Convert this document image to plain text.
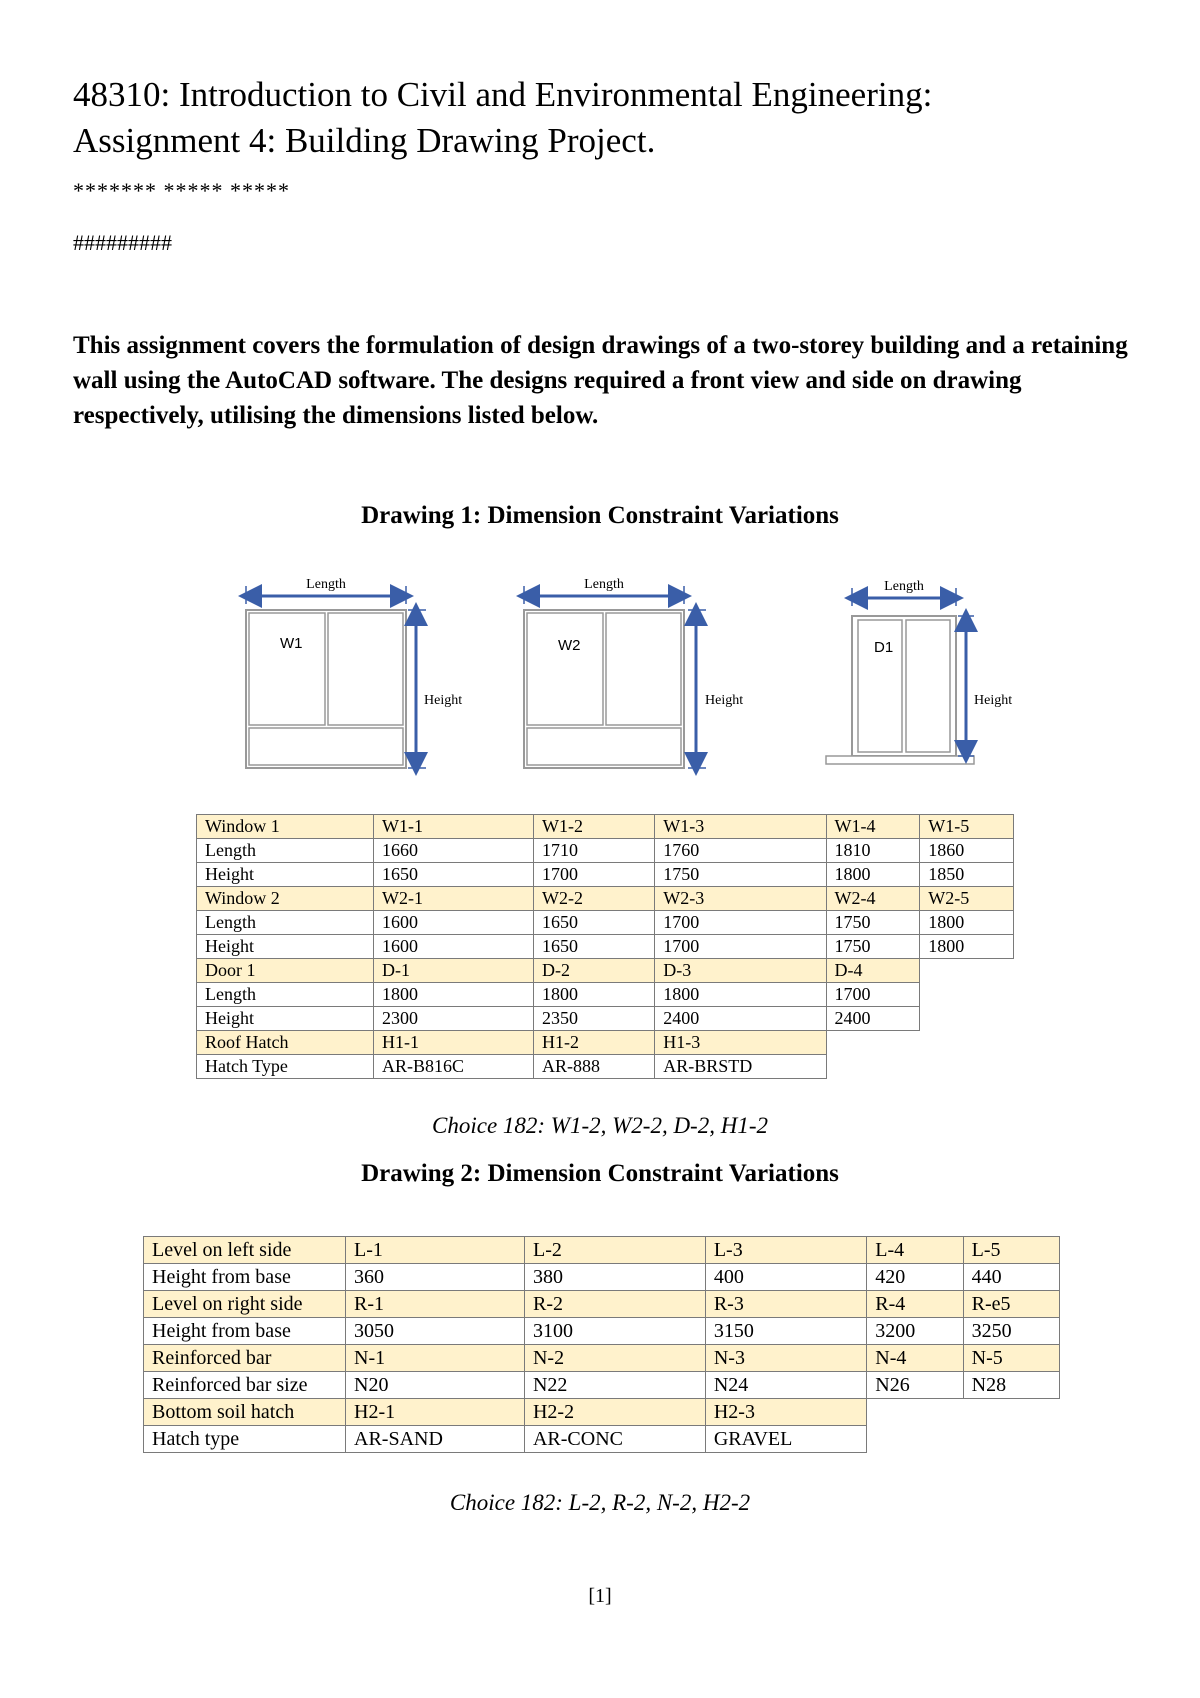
48310: Introduction to Civil and Environmental Engineering:
Assignment 4: Building Drawing Project.
******* ***** *****
#########
This assignment covers the formulation of design drawings of a two-storey building and a retaining wall using the AutoCAD software. The designs required a front view and side on drawing respectively, utilising the dimensions listed below.
Drawing 1: Dimension Constraint Variations
Length
W1
Height
Length
W2
Height
Length
D1
Height
Window 1	W1-1	W1-2	W1-3	W1-4	W1-5
Length	1660	1710	1760	1810	1860
Height	1650	1700	1750	1800	1850
Window 2	W2-1	W2-2	W2-3	W2-4	W2-5
Length	1600	1650	1700	1750	1800
Height	1600	1650	1700	1750	1800
Door 1	D-1	D-2	D-3	D-4	
Length	1800	1800	1800	1700	
Height	2300	2350	2400	2400	
Roof Hatch	H1-1	H1-2	H1-3		
Hatch Type	AR-B816C	AR-888	AR-BRSTD		
Choice 182: W1-2, W2-2, D-2, H1-2
Drawing 2: Dimension Constraint Variations
Level on left side	L-1	L-2	L-3	L-4	L-5
Height from base	360	380	400	420	440
Level on right side	R-1	R-2	R-3	R-4	R-e5
Height from base	3050	3100	3150	3200	3250
Reinforced bar	N-1	N-2	N-3	N-4	N-5
Reinforced bar size	N20	N22	N24	N26	N28
Bottom soil hatch	H2-1	H2-2	H2-3		
Hatch type	AR-SAND	AR-CONC	GRAVEL		
Choice 182: L-2, R-2, N-2, H2-2
[1]
